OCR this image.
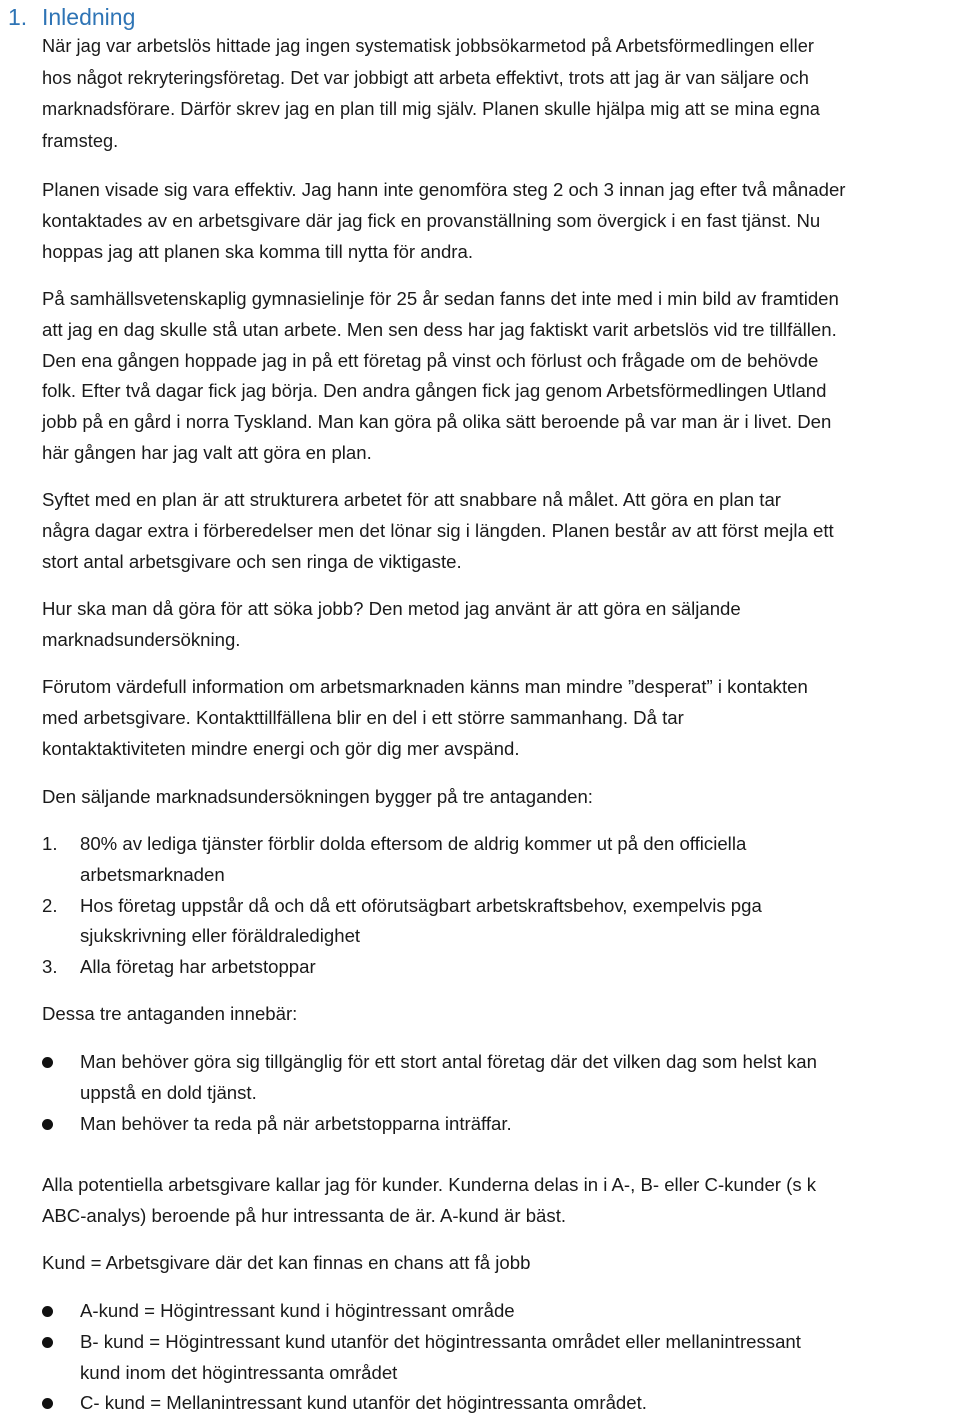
1. Inledning
När jag var arbetslös hittade jag ingen systematisk jobbsökarmetod på Arbetsförmedlingen eller
hos något rekryteringsföretag. Det var jobbigt att arbeta effektivt, trots att jag är van säljare och
marknadsförare. Därför skrev jag en plan till mig själv. Planen skulle hjälpa mig att se mina egna
framsteg.
Planen visade sig vara effektiv. Jag hann inte genomföra steg 2 och 3 innan jag efter två månader
kontaktades av en arbetsgivare där jag fick en provanställning som övergick i en fast tjänst. Nu
hoppas jag att planen ska komma till nytta för andra.
På samhällsvetenskaplig gymnasielinje för 25 år sedan fanns det inte med i min bild av framtiden
att jag en dag skulle stå utan arbete. Men sen dess har jag faktiskt varit arbetslös vid tre tillfällen.
Den ena gången hoppade jag in på ett företag på vinst och förlust och frågade om de behövde
folk. Efter två dagar fick jag börja. Den andra gången fick jag genom Arbetsförmedlingen Utland
jobb på en gård i norra Tyskland. Man kan göra på olika sätt beroende på var man är i livet. Den
här gången har jag valt att göra en plan.
Syftet med en plan är att strukturera arbetet för att snabbare nå målet. Att göra en plan tar
några dagar extra i förberedelser men det lönar sig i längden. Planen består av att först mejla ett
stort antal arbetsgivare och sen ringa de viktigaste.
Hur ska man då göra för att söka jobb? Den metod jag använt är att göra en säljande
marknadsundersökning.
Förutom värdefull information om arbetsmarknaden känns man mindre ”desperat” i kontakten
med arbetsgivare. Kontakttillfällena blir en del i ett större sammanhang. Då tar
kontaktaktiviteten mindre energi och gör dig mer avspänd.
Den säljande marknadsundersökningen bygger på tre antaganden:
1. 80% av lediga tjänster förblir dolda eftersom de aldrig kommer ut på den officiella
arbetsmarknaden
2. Hos företag uppstår då och då ett oförutsägbart arbetskraftsbehov, exempelvis pga
sjukskrivning eller föräldraledighet
3. Alla företag har arbetstoppar
Dessa tre antaganden innebär:
Man behöver göra sig tillgänglig för ett stort antal företag där det vilken dag som helst kan
uppstå en dold tjänst.
Man behöver ta reda på när arbetstopparna inträffar.
Alla potentiella arbetsgivare kallar jag för kunder. Kunderna delas in i A-, B- eller C-kunder (s k
ABC-analys) beroende på hur intressanta de är. A-kund är bäst.
Kund = Arbetsgivare där det kan finnas en chans att få jobb
A-kund = Högintressant kund i högintressant område
B- kund = Högintressant kund utanför det högintressanta området eller mellanintressant
kund inom det högintressanta området
C- kund = Mellanintressant kund utanför det högintressanta området.
